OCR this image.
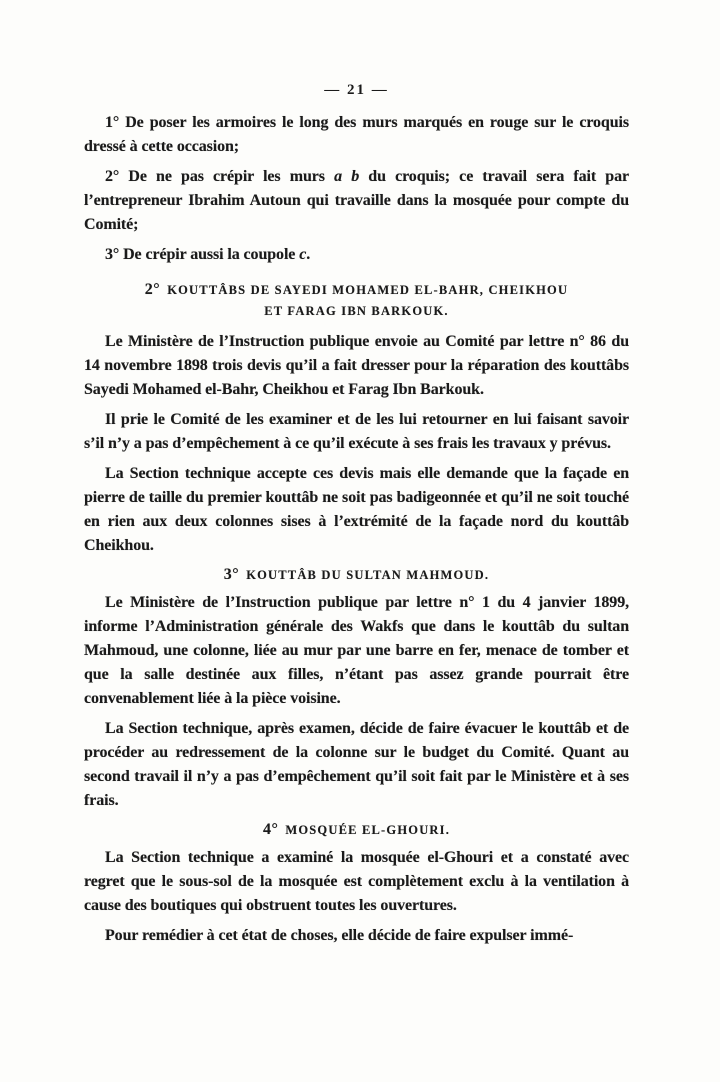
— 21 —

1° De poser les armoires le long des murs marqués en rouge sur le croquis dressé à cette occasion;

2° De ne pas crépir les murs a b du croquis; ce travail sera fait par l’entrepreneur Ibrahim Autoun qui travaille dans la mosquée pour compte du Comité;

3° De crépir aussi la coupole c.

2° KOUTTÂBS DE SAYEDI MOHAMED EL-BAHR, CHEIKHOU ET FARAG IBN BARKOUK.

Le Ministère de l’Instruction publique envoie au Comité par lettre n° 86 du 14 novembre 1898 trois devis qu’il a fait dresser pour la réparation des kouttâbs Sayedi Mohamed el-Bahr, Cheikhou et Farag Ibn Barkouk.

Il prie le Comité de les examiner et de les lui retourner en lui faisant savoir s’il n’y a pas d’empêchement à ce qu’il exécute à ses frais les travaux y prévus.

La Section technique accepte ces devis mais elle demande que la façade en pierre de taille du premier kouttâb ne soit pas badigeonnée et qu’il ne soit touché en rien aux deux colonnes sises à l’extrémité de la façade nord du kouttâb Cheikhou.

3° KOUTTÂB DU SULTAN MAHMOUD.

Le Ministère de l’Instruction publique par lettre n° 1 du 4 janvier 1899, informe l’Administration générale des Wakfs que dans le kouttâb du sultan Mahmoud, une colonne, liée au mur par une barre en fer, menace de tomber et que la salle destinée aux filles, n’étant pas assez grande pourrait être convenablement liée à la pièce voisine.

La Section technique, après examen, décide de faire évacuer le kouttâb et de procéder au redressement de la colonne sur le budget du Comité. Quant au second travail il n’y a pas d’empêchement qu’il soit fait par le Ministère et à ses frais.

4° MOSQUÉE EL-GHOURI.

La Section technique a examiné la mosquée el-Ghouri et a constaté avec regret que le sous-sol de la mosquée est complètement exclu à la ventilation à cause des boutiques qui obstruent toutes les ouvertures.

Pour remédier à cet état de choses, elle décide de faire expulser immé-
